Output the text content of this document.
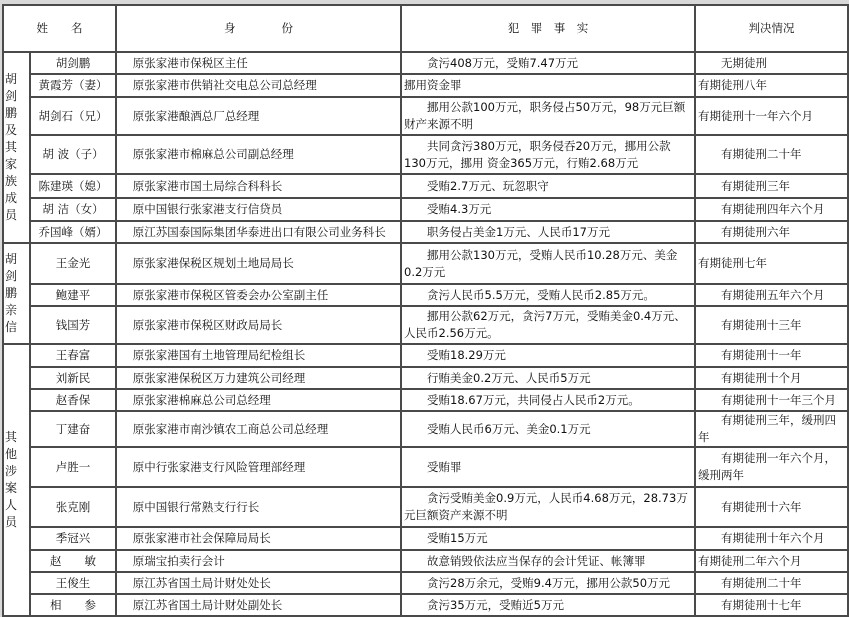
姓　　名		身　　　　份	犯　罪　事　实	判决情况
胡剑鹏及其家族成员	胡剑鹏	原张家港市保税区主任	贪污408万元，受贿7.47万元	无期徒刑
	黄霞芳（妻）	原张家港市供销社交电总公司总经理	挪用资金罪	有期徒刑八年
	胡剑石（兄）	原张家港酿酒总厂总经理	挪用公款100万元，职务侵占50万元，98万元巨额财产来源不明	有期徒刑十一年六个月
	胡 波（子）	原张家港市棉麻总公司副总经理	共同贪污380万元，职务侵吞20万元，挪用公款130万元，挪用 资金365万元，行贿2.68万元	有期徒刑二十年
	陈建瑛（媳）	原张家港市国土局综合科科长	受贿2.7万元、玩忽职守	有期徒刑三年
	胡 洁（女）	原中国银行张家港支行信贷员	受贿4.3万元	有期徒刑四年六个月
	乔国峰（婿）	原江苏国泰国际集团华泰进出口有限公司业务科长	职务侵占美金1万元、人民币17万元	有期徒刑六年
胡剑鹏亲信	王金光	原张家港保税区规划土地局局长	挪用公款130万元，受贿人民币10.28万元、美金0.2万元	有期徒刑七年
	鲍建平	原张家港市保税区管委会办公室副主任	贪污人民币5.5万元，受贿人民币2.85万元。	有期徒刑五年六个月
	钱国芳	原张家港市保税区财政局局长	挪用公款62万元，贪污7万元，受贿美金0.4万元、人民币2.56万元。	有期徒刑十三年
其他涉案人员	王春富	原张家港国有土地管理局纪检组长	受贿18.29万元	有期徒刑十一年
	刘新民	原张家港保税区万力建筑公司经理	行贿美金0.2万元、人民币5万元	有期徒刑十个月
	赵香保	原张家港棉麻总公司总经理	受贿18.67万元，共同侵占人民币2万元。	有期徒刑十一年三个月
	丁建奋	原张家港市南沙镇农工商总公司总经理	受贿人民币6万元、美金0.1万元	有期徒刑三年，缓刑四年
	卢胜一	原中行张家港支行风险管理部经理	受贿罪	有期徒刑一年六个月，缓刑两年
	张克刚	原中国银行常熟支行行长	贪污受贿美金0.9万元，人民币4.68万元，28.73万元巨额资产来源不明	有期徒刑十六年
	季冠兴	原张家港市社会保障局局长	受贿15万元	有期徒刑十年六个月
	赵　　敏	原瑞宝拍卖行会计	故意销毁依法应当保存的会计凭证、帐簿罪	有期徒刑二年六个月
	王俊生	原江苏省国土局计财处处长	贪污28万余元，受贿9.4万元，挪用公款50万元	有期徒刑二十年
	相　　参	原江苏省国土局计财处副处长	贪污35万元，受贿近5万元	有期徒刑十七年
